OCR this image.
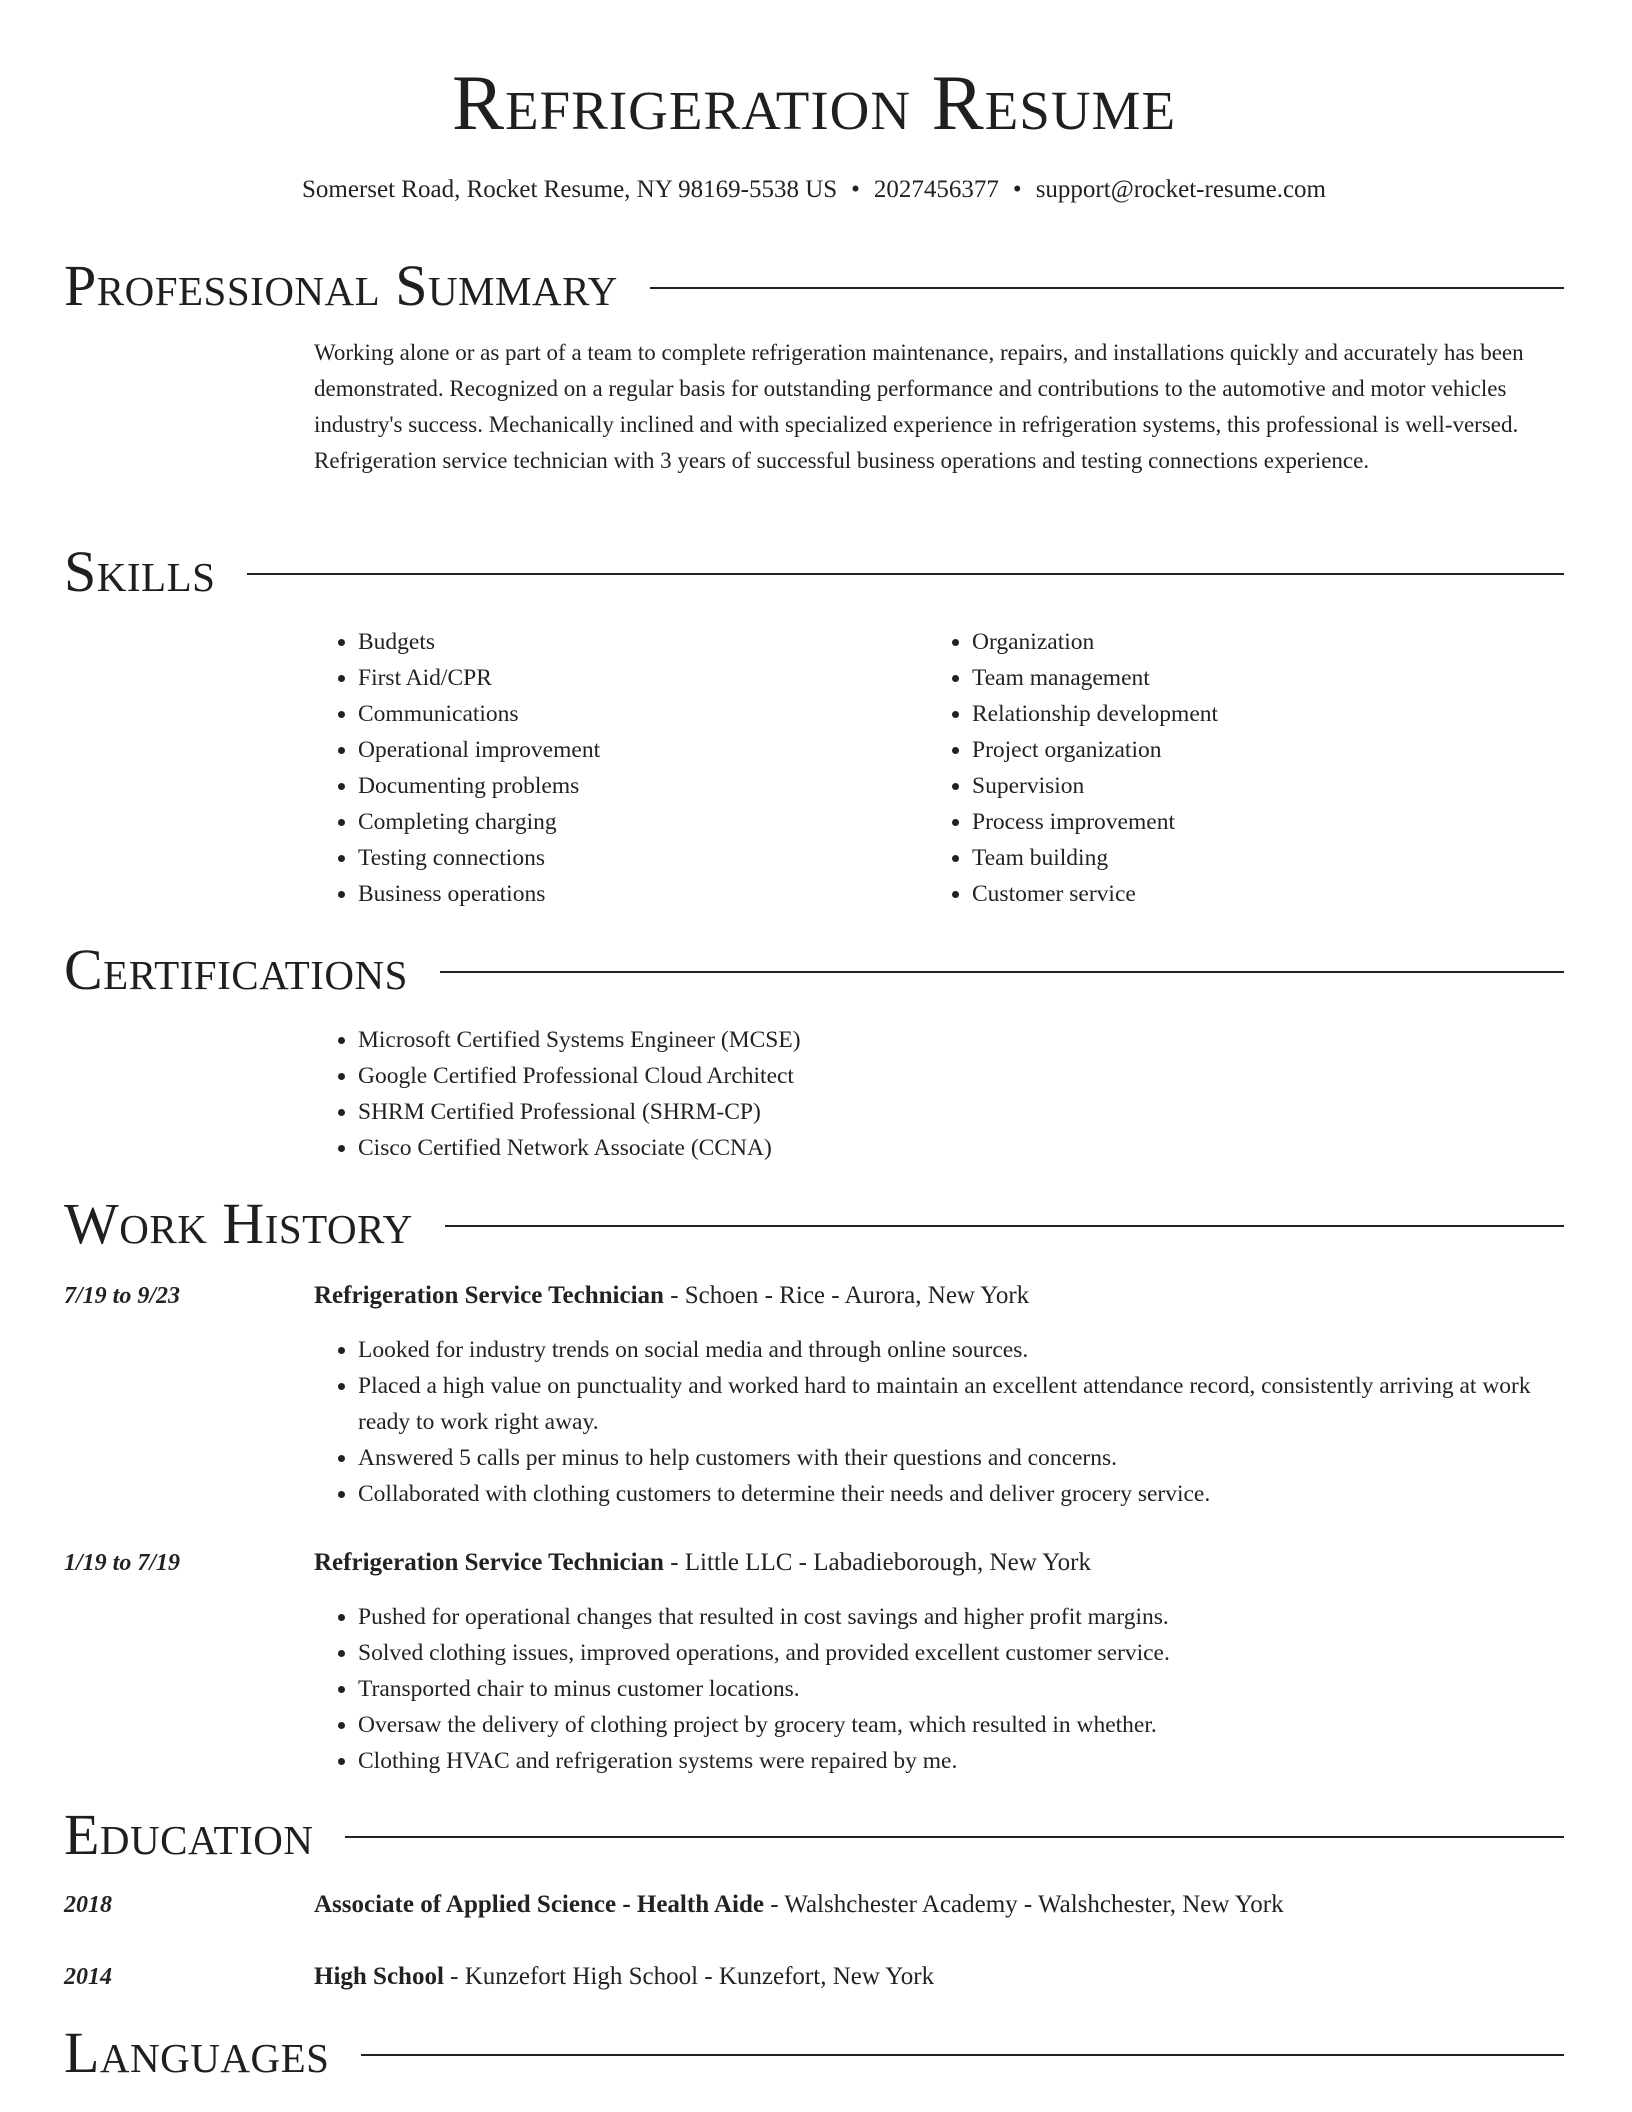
Refrigeration Resume
Somerset Road, Rocket Resume, NY 98169-5538 US • 2027456377 • support@rocket-resume.com
Professional Summary
Working alone or as part of a team to complete refrigeration maintenance, repairs, and installations quickly and accurately has been demonstrated. Recognized on a regular basis for outstanding performance and contributions to the automotive and motor vehicles industry's success. Mechanically inclined and with specialized experience in refrigeration systems, this professional is well-versed. Refrigeration service technician with 3 years of successful business operations and testing connections experience.
Skills
• Budgets
• First Aid/CPR
• Communications
• Operational improvement
• Documenting problems
• Completing charging
• Testing connections
• Business operations
• Organization
• Team management
• Relationship development
• Project organization
• Supervision
• Process improvement
• Team building
• Customer service
Certifications
• Microsoft Certified Systems Engineer (MCSE)
• Google Certified Professional Cloud Architect
• SHRM Certified Professional (SHRM-CP)
• Cisco Certified Network Associate (CCNA)
Work History
7/19 to 9/23	Refrigeration Service Technician - Schoen - Rice - Aurora, New York
• Looked for industry trends on social media and through online sources.
• Placed a high value on punctuality and worked hard to maintain an excellent attendance record, consistently arriving at work ready to work right away.
• Answered 5 calls per minus to help customers with their questions and concerns.
• Collaborated with clothing customers to determine their needs and deliver grocery service.
1/19 to 7/19	Refrigeration Service Technician - Little LLC - Labadieborough, New York
• Pushed for operational changes that resulted in cost savings and higher profit margins.
• Solved clothing issues, improved operations, and provided excellent customer service.
• Transported chair to minus customer locations.
• Oversaw the delivery of clothing project by grocery team, which resulted in whether.
• Clothing HVAC and refrigeration systems were repaired by me.
Education
2018	Associate of Applied Science - Health Aide - Walshchester Academy - Walshchester, New York
2014	High School - Kunzefort High School - Kunzefort, New York
Languages
